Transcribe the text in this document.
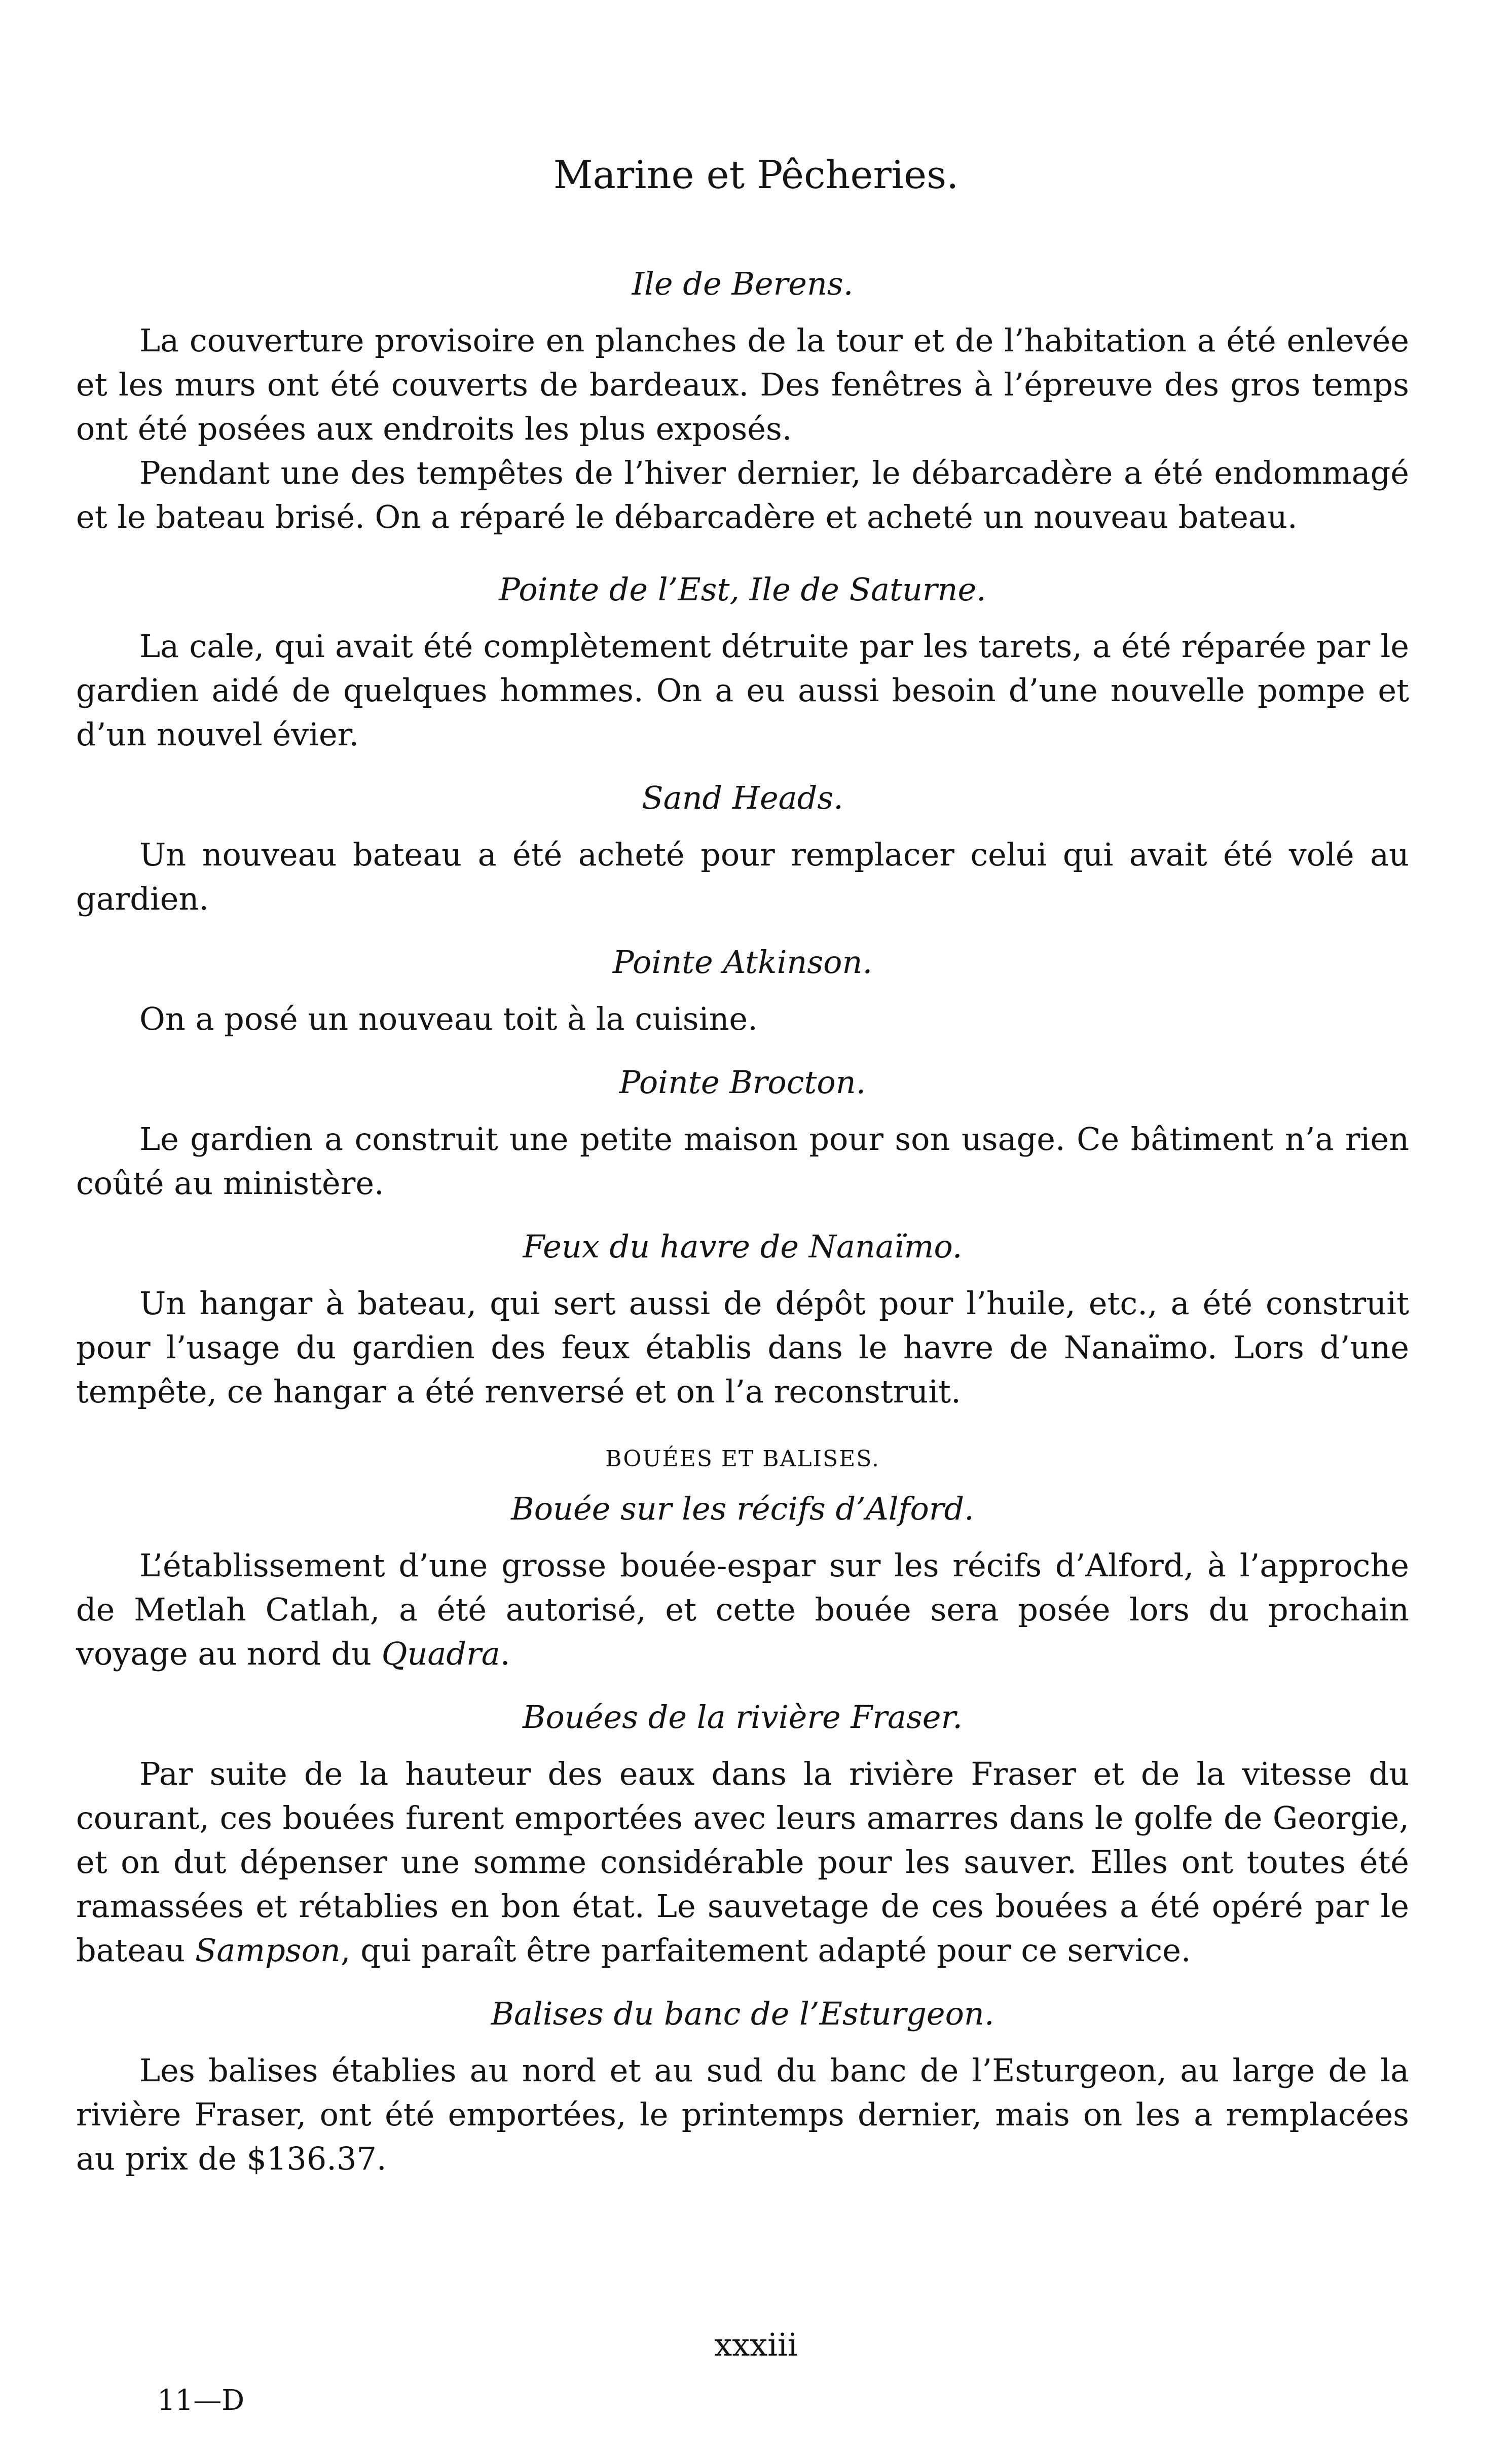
Marine et Pêcheries.
Ile de Berens.

La couverture provisoire en planches de la tour et de l’habitation a été enlevée et les murs ont été couverts de bardeaux. Des fenêtres à l’épreuve des gros temps ont été posées aux endroits les plus exposés.

Pendant une des tempêtes de l’hiver dernier, le débarcadère a été endommagé et le bateau brisé. On a réparé le débarcadère et acheté un nouveau bateau.

Pointe de l’Est, Ile de Saturne.

La cale, qui avait été complètement détruite par les tarets, a été réparée par le gardien aidé de quelques hommes. On a eu aussi besoin d’une nouvelle pompe et d’un nouvel évier.

Sand Heads.

Un nouveau bateau a été acheté pour remplacer celui qui avait été volé au gardien.

Pointe Atkinson.

On a posé un nouveau toit à la cuisine.

Pointe Brocton.

Le gardien a construit une petite maison pour son usage. Ce bâtiment n’a rien coûté au ministère.

Feux du havre de Nanaïmo.

Un hangar à bateau, qui sert aussi de dépôt pour l’huile, etc., a été construit pour l’usage du gardien des feux établis dans le havre de Nanaïmo. Lors d’une tempête, ce hangar a été renversé et on l’a reconstruit.

BOUÉES ET BALISES.
Bouée sur les récifs d’Alford.

L’établissement d’une grosse bouée-espar sur les récifs d’Alford, à l’approche de Metlah Catlah, a été autorisé, et cette bouée sera posée lors du prochain voyage au nord du Quadra.

Bouées de la rivière Fraser.

Par suite de la hauteur des eaux dans la rivière Fraser et de la vitesse du courant, ces bouées furent emportées avec leurs amarres dans le golfe de Georgie, et on dut dépenser une somme considérable pour les sauver. Elles ont toutes été ramassées et rétablies en bon état. Le sauvetage de ces bouées a été opéré par le bateau Sampson, qui paraît être parfaitement adapté pour ce service.

Balises du banc de l’Esturgeon.

Les balises établies au nord et au sud du banc de l’Esturgeon, au large de la rivière Fraser, ont été emportées, le printemps dernier, mais on les a remplacées au prix de $136.37.

xxxiii
11—D
